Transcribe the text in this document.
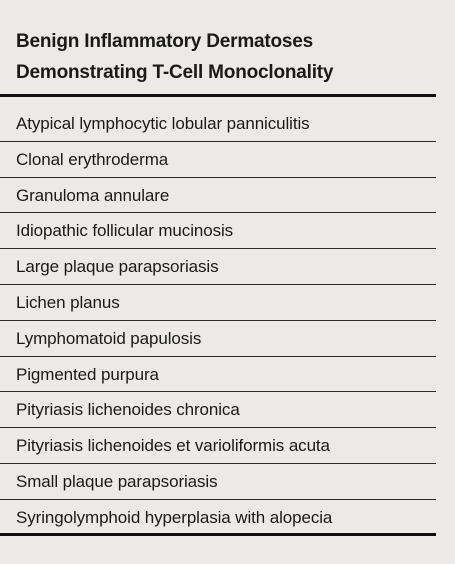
Benign Inflammatory Dermatoses
Demonstrating T-Cell Monoclonality
Atypical lymphocytic lobular panniculitis
Clonal erythroderma
Granuloma annulare
Idiopathic follicular mucinosis
Large plaque parapsoriasis
Lichen planus
Lymphomatoid papulosis
Pigmented purpura
Pityriasis lichenoides chronica
Pityriasis lichenoides et varioliformis acuta
Small plaque parapsoriasis
Syringolymphoid hyperplasia with alopecia
